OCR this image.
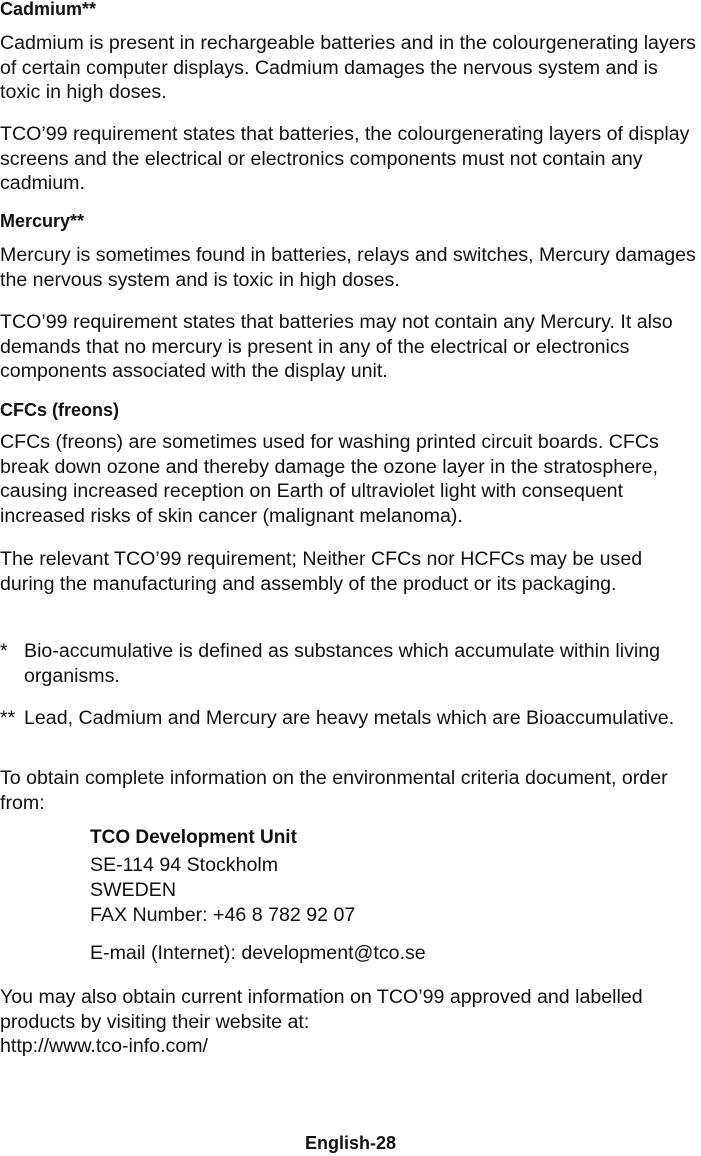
Cadmium**
Cadmium is present in rechargeable batteries and in the colourgenerating layers of certain computer displays. Cadmium damages the nervous system and is toxic in high doses.
TCO’99 requirement states that batteries, the colourgenerating layers of display screens and the electrical or electronics components must not contain any cadmium.
Mercury**
Mercury is sometimes found in batteries, relays and switches, Mercury damages the nervous system and is toxic in high doses.
TCO’99 requirement states that batteries may not contain any Mercury. It also demands that no mercury is present in any of the electrical or electronics components associated with the display unit.
CFCs (freons)
CFCs (freons) are sometimes used for washing printed circuit boards. CFCs break down ozone and thereby damage the ozone layer in the stratosphere, causing increased reception on Earth of ultraviolet light with consequent increased risks of skin cancer (malignant melanoma).
The relevant TCO’99 requirement; Neither CFCs nor HCFCs may be used during the manufacturing and assembly of the product or its packaging.
* Bio-accumulative is defined as substances which accumulate within living organisms.
** Lead, Cadmium and Mercury are heavy metals which are Bioaccumulative.
To obtain complete information on the environmental criteria document, order from:
TCO Development Unit
SE-114 94 Stockholm
SWEDEN
FAX Number: +46 8 782 92 07
E-mail (Internet): development@tco.se
You may also obtain current information on TCO’99 approved and labelled products by visiting their website at:
http://www.tco-info.com/
English-28
